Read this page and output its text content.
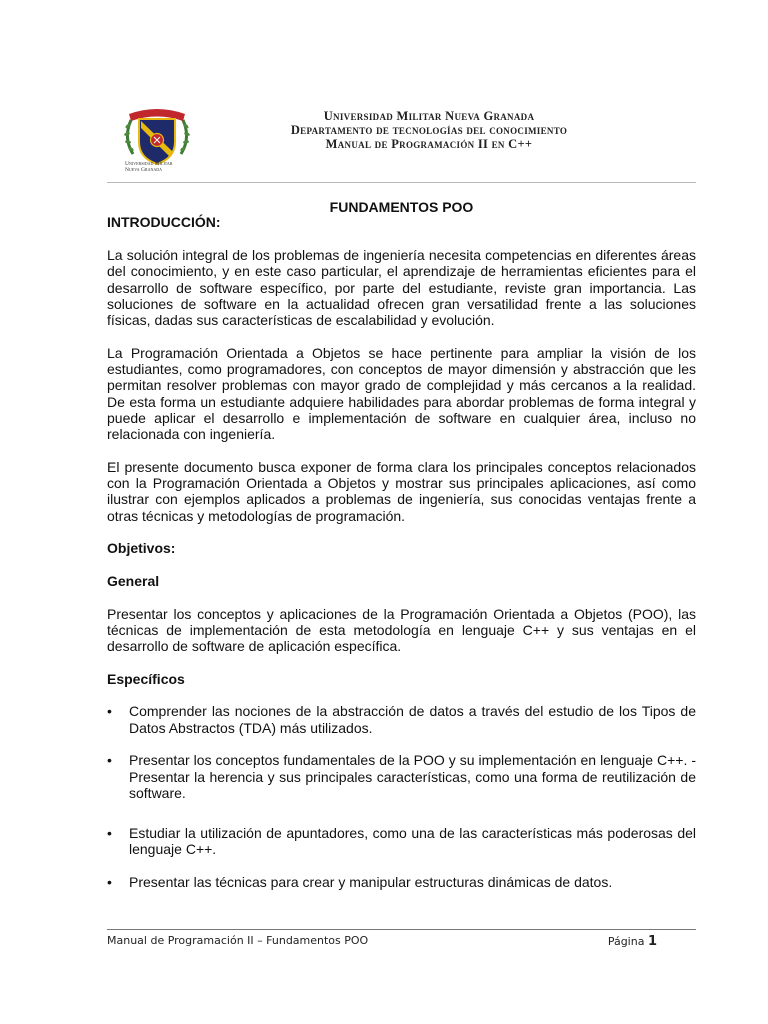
Universidad Militar
Nueva Granada
Universidad Militar Nueva Granada
Departamento de tecnologías del conocimiento
Manual de Programación II en C++
FUNDAMENTOS POO
INTRODUCCIÓN:

La solución integral de los problemas de ingeniería necesita competencias en diferentes áreas del conocimiento, y en este caso particular, el aprendizaje de herramientas eficientes para el desarrollo de software específico, por parte del estudiante, reviste gran importancia. Las soluciones de software en la actualidad ofrecen gran versatilidad frente a las soluciones físicas, dadas sus características de escalabilidad y evolución.

La Programación Orientada a Objetos se hace pertinente para ampliar la visión de los estudiantes, como programadores, con conceptos de mayor dimensión y abstracción que les permitan resolver problemas con mayor grado de complejidad y más cercanos a la realidad. De esta forma un estudiante adquiere habilidades para abordar problemas de forma integral y puede aplicar el desarrollo e implementación de software en cualquier área, incluso no relacionada con ingeniería.

El presente documento busca exponer de forma clara los principales conceptos relacionados con la Programación Orientada a Objetos y mostrar sus principales aplicaciones, así como ilustrar con ejemplos aplicados a problemas de ingeniería, sus conocidas ventajas frente a otras técnicas y metodologías de programación.

Objetivos:
General

Presentar los conceptos y aplicaciones de la Programación Orientada a Objetos (POO), las técnicas de implementación de esta metodología en lenguaje C++ y sus ventajas en el desarrollo de software de aplicación específica.

Específicos
• Comprender las nociones de la abstracción de datos a través del estudio de los Tipos de Datos Abstractos (TDA) más utilizados.
• Presentar los conceptos fundamentales de la POO y su implementación en lenguaje C++. - Presentar la herencia y sus principales características, como una forma de reutilización de software.
• Estudiar la utilización de apuntadores, como una de las características más poderosas del lenguaje C++.
• Presentar las técnicas para crear y manipular estructuras dinámicas de datos.
Manual de Programación II – Fundamentos POO	Página 1
